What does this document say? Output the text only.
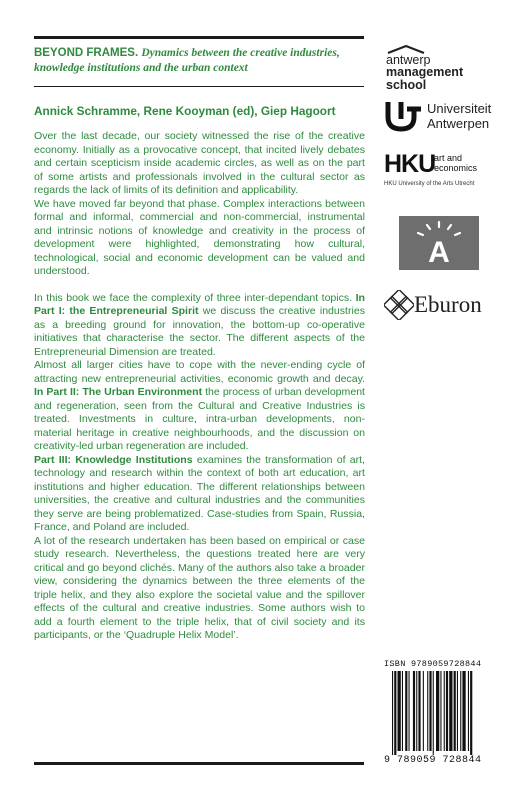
BEYOND FRAMES. Dynamics between the creative industries, knowledge institutions and the urban context
Annick Schramme, Rene Kooyman (ed), Giep Hagoort

Over the last decade, our society witnessed the rise of the creative economy. Initially as a provocative concept, that incited lively debates and certain scepticism inside academic circles, as well as on the part of some artists and professionals involved in the cultural sector as regards the lack of limits of its definition and applicability.

We have moved far beyond that phase. Complex interactions between formal and informal, commercial and non-commercial, instrumental and intrinsic notions of knowledge and creativity in the process of development were highlighted, demonstrating how cultural, technological, social and economic development can be valued and understood.

In this book we face the complexity of three inter-dependant topics. In Part I: the Entrepreneurial Spirit we discuss the creative industries as a breeding ground for innovation, the bottom-up co-operative initiatives that characterise the sector. The different aspects of the Entrepreneurial Dimension are treated.

Almost all larger cities have to cope with the never-ending cycle of attracting new entrepreneurial activities, economic growth and decay. In Part II: The Urban Environment the process of urban development and regeneration, seen from the Cultural and Creative Industries is treated. Investments in culture, intra-urban developments, non-material heritage in creative neighbourhoods, and the discussion on creativity-led urban regeneration are included.

Part III: Knowledge Institutions examines the transformation of art, technology and research within the context of both art education, art institutions and higher education. The different relationships between universities, the creative and cultural industries and the communities they serve are being problematized. Case-studies from Spain, Russia, France, and Poland are included.

A lot of the research undertaken has been based on empirical or case study research. Nevertheless, the questions treated here are very critical and go beyond clichés. Many of the authors also take a broader view, considering the dynamics between the three elements of the triple helix, and they also explore the societal value and the spillover effects of the cultural and creative industries. Some authors wish to add a fourth element to the triple helix, that of civil society and its participants, or the ‘Quadruple Helix Model’.

antwerp
management school
Universiteit
Antwerpen
HKU
art and
economics
HKU University of the Arts Utrecht
A
Eburon
ISBN 9789059728844
9 789059 728844
